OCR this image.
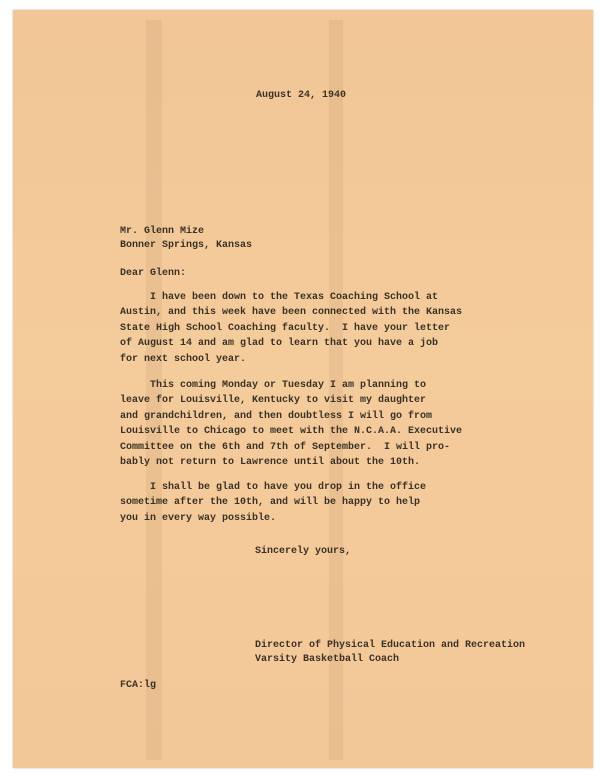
August 24, 1940
Mr. Glenn Mize
Bonner Springs, Kansas
Dear Glenn:
I have been down to the Texas Coaching School at
Austin, and this week have been connected with the Kansas
State High School Coaching faculty.  I have your letter
of August 14 and am glad to learn that you have a job
for next school year.
This coming Monday or Tuesday I am planning to
leave for Louisville, Kentucky to visit my daughter
and grandchildren, and then doubtless I will go from
Louisville to Chicago to meet with the N.C.A.A. Executive
Committee on the 6th and 7th of September.  I will pro-
bably not return to Lawrence until about the 10th.
I shall be glad to have you drop in the office
sometime after the 10th, and will be happy to help
you in every way possible.
Sincerely yours,
Director of Physical Education and Recreation
Varsity Basketball Coach
FCA:lg
